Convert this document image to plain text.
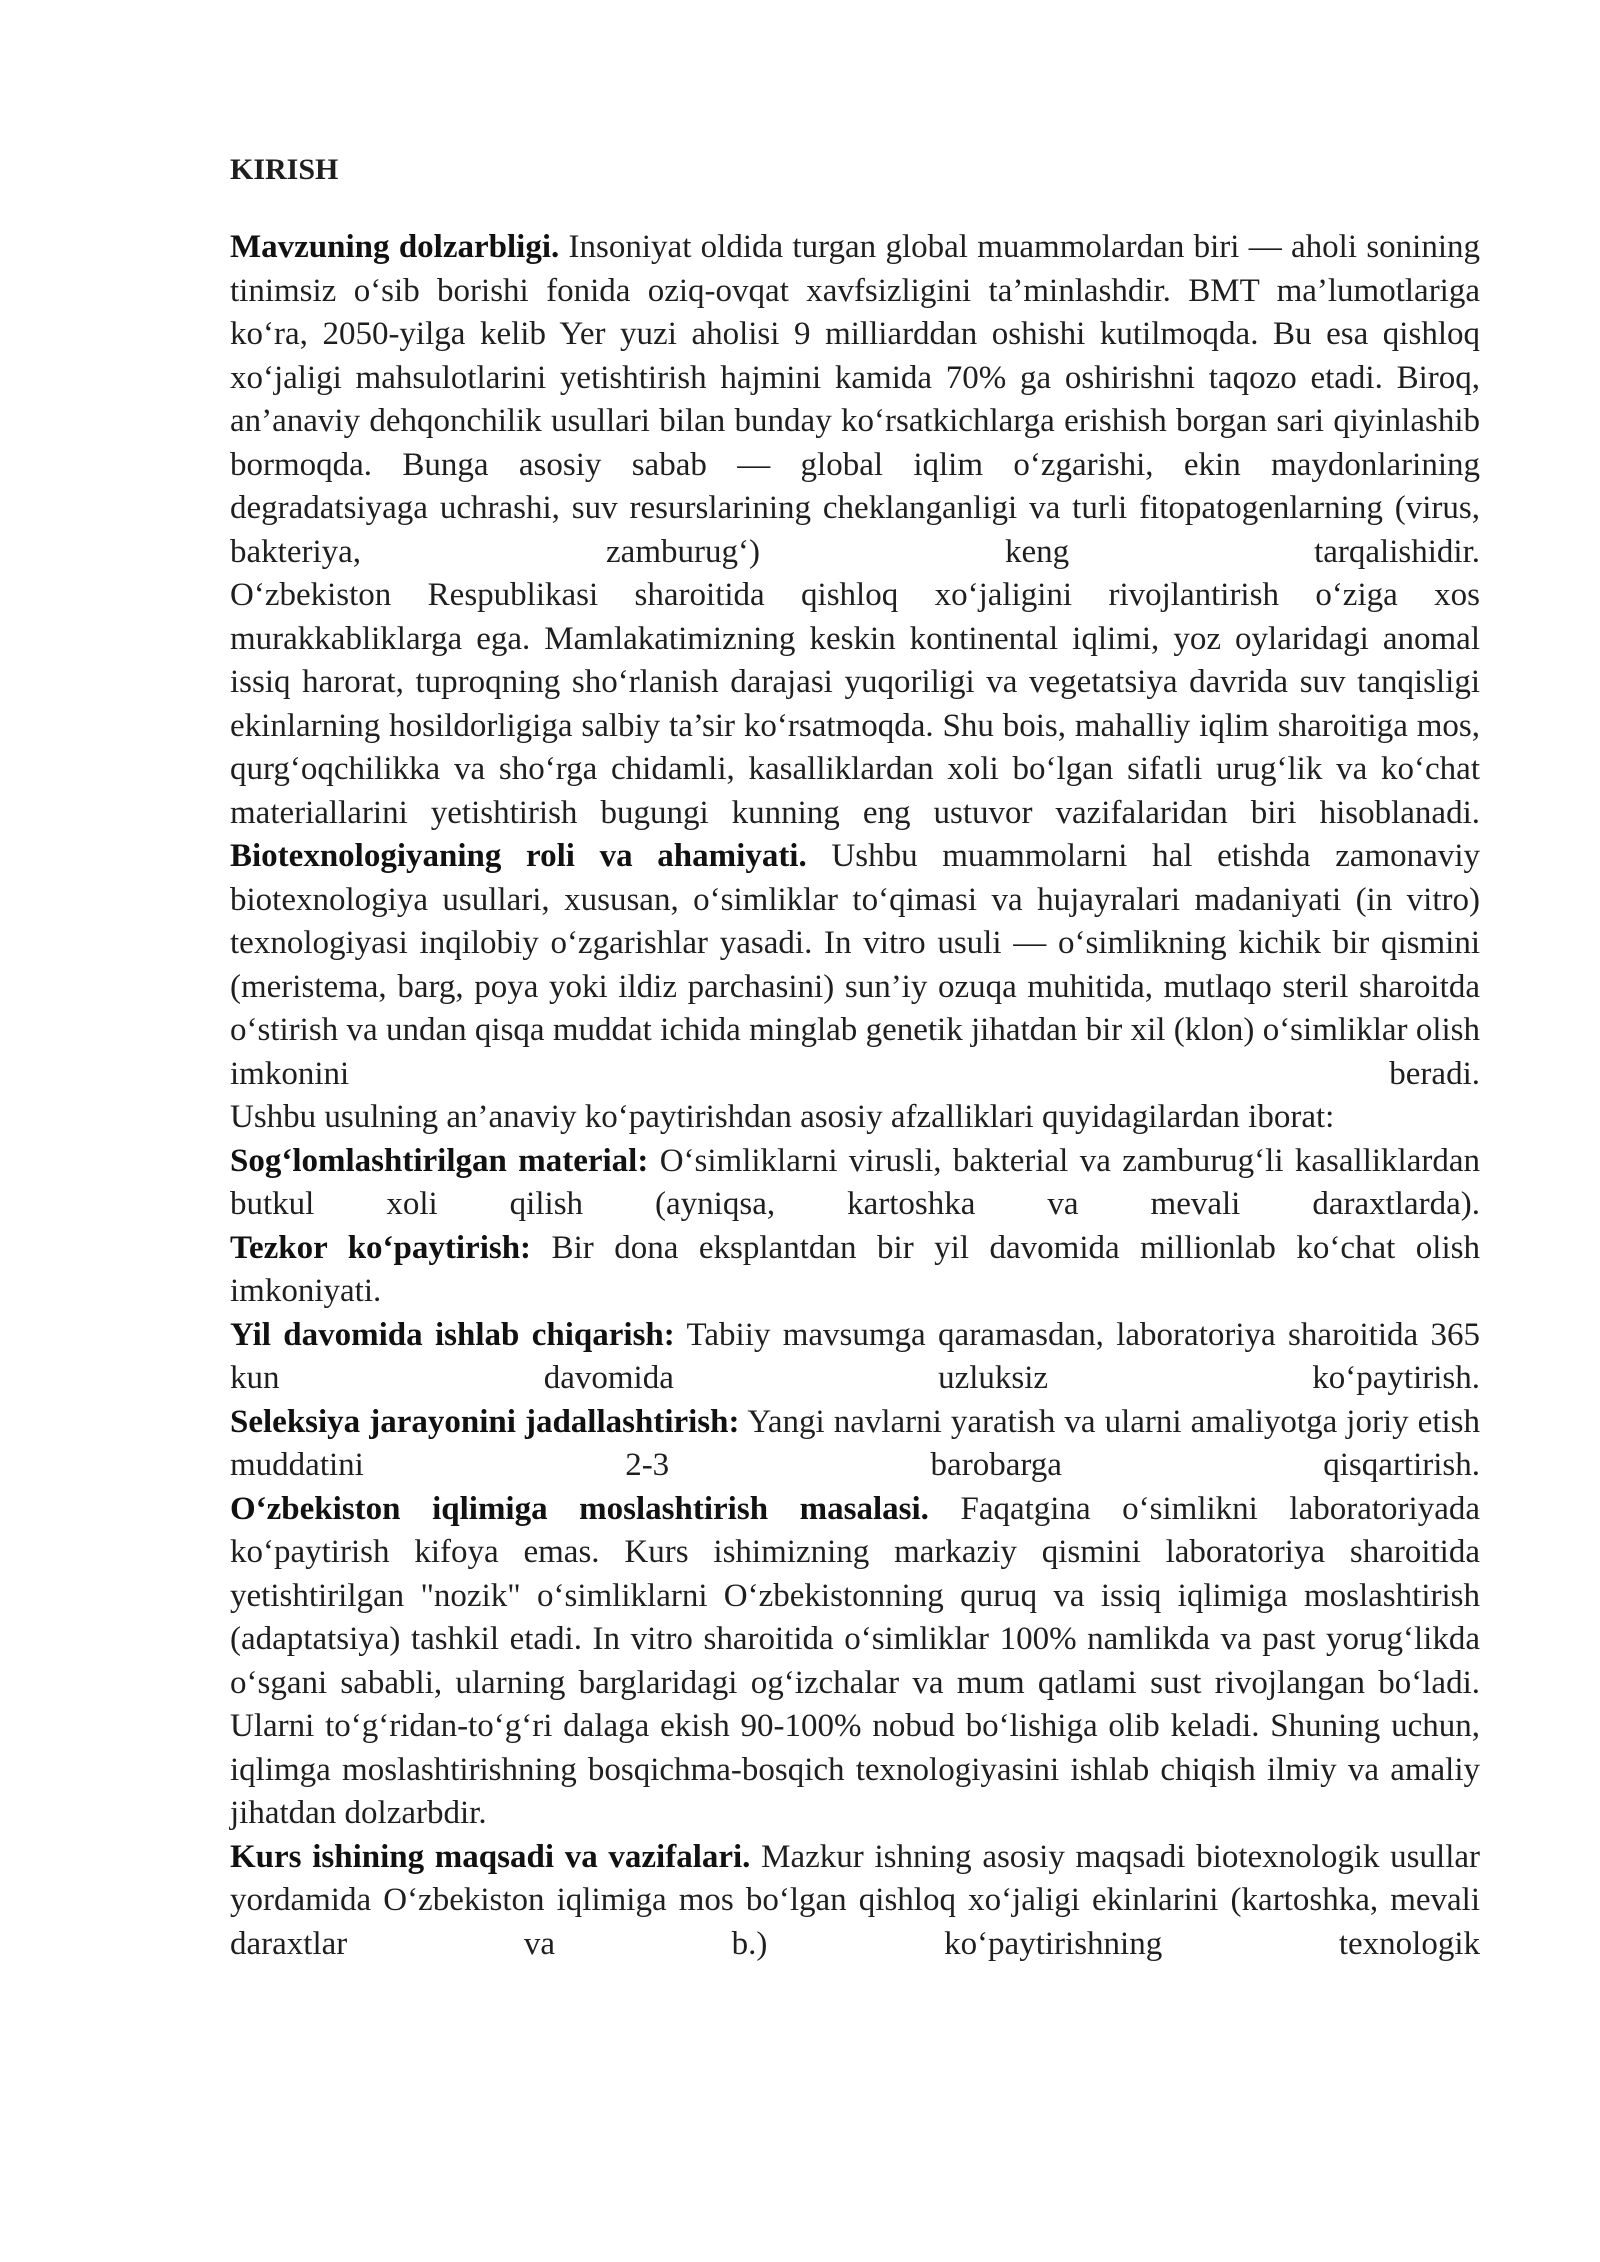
KIRISH

Mavzuning dolzarbligi. Insoniyat oldida turgan global muammolardan biri — aholi sonining tinimsiz o‘sib borishi fonida oziq-ovqat xavfsizligini ta’minlashdir. BMT ma’lumotlariga ko‘ra, 2050-yilga kelib Yer yuzi aholisi 9 milliarddan oshishi kutilmoqda. Bu esa qishloq xo‘jaligi mahsulotlarini yetishtirish hajmini kamida 70% ga oshirishni taqozo etadi. Biroq, an’anaviy dehqonchilik usullari bilan bunday ko‘rsatkichlarga erishish borgan sari qiyinlashib bormoqda. Bunga asosiy sabab — global iqlim o‘zgarishi, ekin maydonlarining degradatsiyaga uchrashi, suv resurslarining cheklanganligi va turli fitopatogenlarning (virus, bakteriya, zamburug‘) keng tarqalishidir.

O‘zbekiston Respublikasi sharoitida qishloq xo‘jaligini rivojlantirish o‘ziga xos murakkabliklarga ega. Mamlakatimizning keskin kontinental iqlimi, yoz oylaridagi anomal issiq harorat, tuproqning sho‘rlanish darajasi yuqoriligi va vegetatsiya davrida suv tanqisligi ekinlarning hosildorligiga salbiy ta’sir ko‘rsatmoqda. Shu bois, mahalliy iqlim sharoitiga mos, qurg‘oqchilikka va sho‘rga chidamli, kasalliklardan xoli bo‘lgan sifatli urug‘lik va ko‘chat materiallarini yetishtirish bugungi kunning eng ustuvor vazifalaridan biri hisoblanadi.

Biotexnologiyaning roli va ahamiyati. Ushbu muammolarni hal etishda zamonaviy biotexnologiya usullari, xususan, o‘simliklar to‘qimasi va hujayralari madaniyati (in vitro) texnologiyasi inqilobiy o‘zgarishlar yasadi. In vitro usuli — o‘simlikning kichik bir qismini (meristema, barg, poya yoki ildiz parchasini) sun’iy ozuqa muhitida, mutlaqo steril sharoitda o‘stirish va undan qisqa muddat ichida minglab genetik jihatdan bir xil (klon) o‘simliklar olish imkonini beradi.

Ushbu usulning an’anaviy ko‘paytirishdan asosiy afzalliklari quyidagilardan iborat:

Sog‘lomlashtirilgan material: O‘simliklarni virusli, bakterial va zamburug‘li kasalliklardan butkul xoli qilish (ayniqsa, kartoshka va mevali daraxtlarda).

Tezkor ko‘paytirish: Bir dona eksplantdan bir yil davomida millionlab ko‘chat olish imkoniyati.

Yil davomida ishlab chiqarish: Tabiiy mavsumga qaramasdan, laboratoriya sharoitida 365 kun davomida uzluksiz ko‘paytirish.

Seleksiya jarayonini jadallashtirish: Yangi navlarni yaratish va ularni amaliyotga joriy etish muddatini 2-3 barobarga qisqartirish.

O‘zbekiston iqlimiga moslashtirish masalasi. Faqatgina o‘simlikni laboratoriyada ko‘paytirish kifoya emas. Kurs ishimizning markaziy qismini laboratoriya sharoitida yetishtirilgan "nozik" o‘simliklarni O‘zbekistonning quruq va issiq iqlimiga moslashtirish (adaptatsiya) tashkil etadi. In vitro sharoitida o‘simliklar 100% namlikda va past yorug‘likda o‘sgani sababli, ularning barglaridagi og‘izchalar va mum qatlami sust rivojlangan bo‘ladi. Ularni to‘g‘ridan-to‘g‘ri dalaga ekish 90-100% nobud bo‘lishiga olib keladi. Shuning uchun, iqlimga moslashtirishning bosqichma-bosqich texnologiyasini ishlab chiqish ilmiy va amaliy jihatdan dolzarbdir.

Kurs ishining maqsadi va vazifalari. Mazkur ishning asosiy maqsadi biotexnologik usullar yordamida O‘zbekiston iqlimiga mos bo‘lgan qishloq xo‘jaligi ekinlarini (kartoshka, mevali daraxtlar va b.) ko‘paytirishning texnologik
